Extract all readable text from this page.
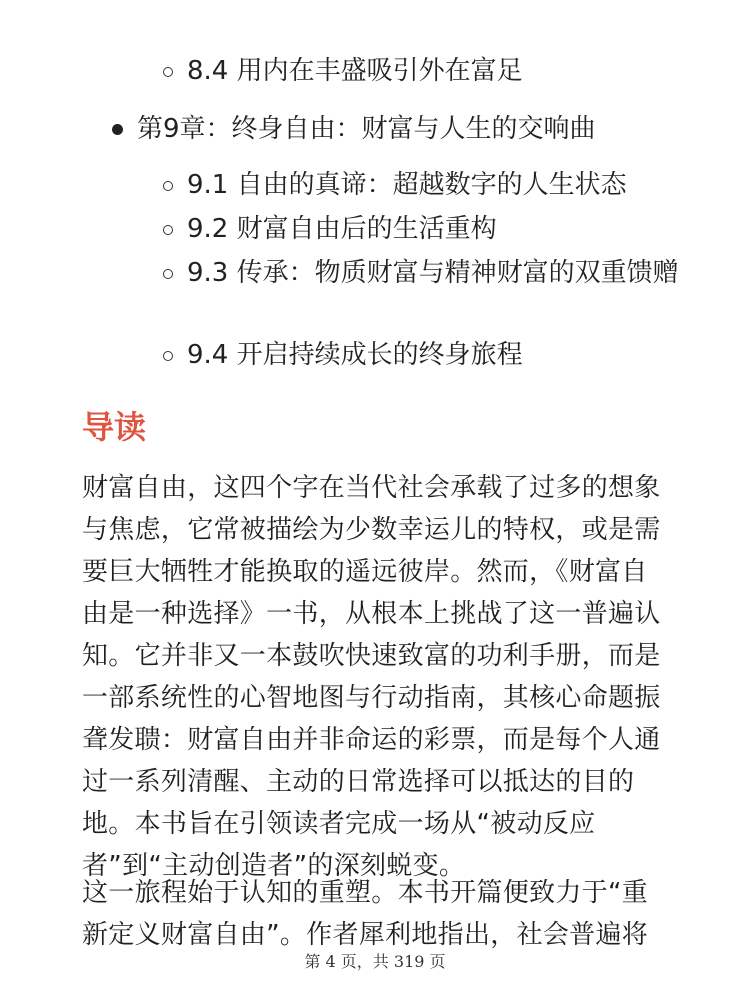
8.4 用内在丰盛吸引外在富足
第9章：终身自由：财富与人生的交响曲
9.1 自由的真谛：超越数字的人生状态
9.2 财富自由后的生活重构
9.3 传承：物质财富与精神财富的双重馈赠
9.4 开启持续成长的终身旅程
导读

财富自由，这四个字在当代社会承载了过多的想象与焦虑，它常被描绘为少数幸运儿的特权，或是需要巨大牺牲才能换取的遥远彼岸。然而，《财富自由是一种选择》一书，从根本上挑战了这一普遍认知。它并非又一本鼓吹快速致富的功利手册，而是一部系统性的心智地图与行动指南，其核心命题振聋发聩：财富自由并非命运的彩票，而是每个人通过一系列清醒、主动的日常选择可以抵达的目的地。本书旨在引领读者完成一场从“被动反应者”到“主动创造者”的深刻蜕变。

这一旅程始于认知的重塑。本书开篇便致力于“重新定义财富自由”。作者犀利地指出，社会普遍将

第 4 页，共 319 页
